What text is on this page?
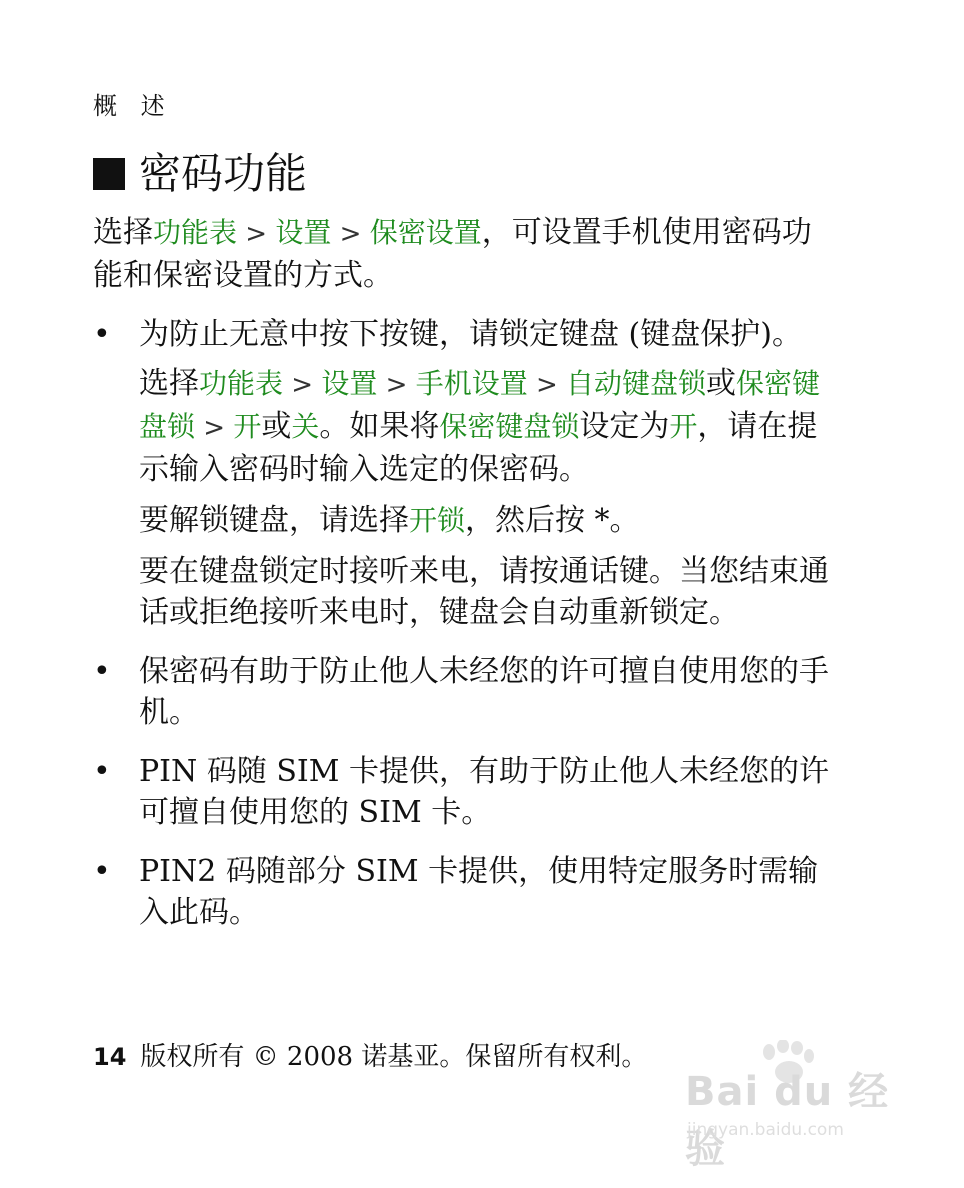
概 述
密码功能

选择功能表 > 设置 > 保密设置，可设置手机使用密码功能和保密设置的方式。

• 为防止无意中按下按键，请锁定键盘 (键盘保护)。

选择功能表 > 设置 > 手机设置 > 自动键盘锁或保密键盘锁 > 开或关。如果将保密键盘锁设定为开，请在提示输入密码时输入选定的保密码。

要解锁键盘，请选择开锁，然后按 *。

要在键盘锁定时接听来电，请按通话键。当您结束通话或拒绝接听来电时，键盘会自动重新锁定。

• 保密码有助于防止他人未经您的许可擅自使用您的手机。
• PIN 码随 SIM 卡提供，有助于防止他人未经您的许可擅自使用您的 SIM 卡。
• PIN2 码随部分 SIM 卡提供，使用特定服务时需输入此码。
14 版权所有 © 2008 诺基亚。保留所有权利。
Bai du 经验
jingyan.baidu.com
